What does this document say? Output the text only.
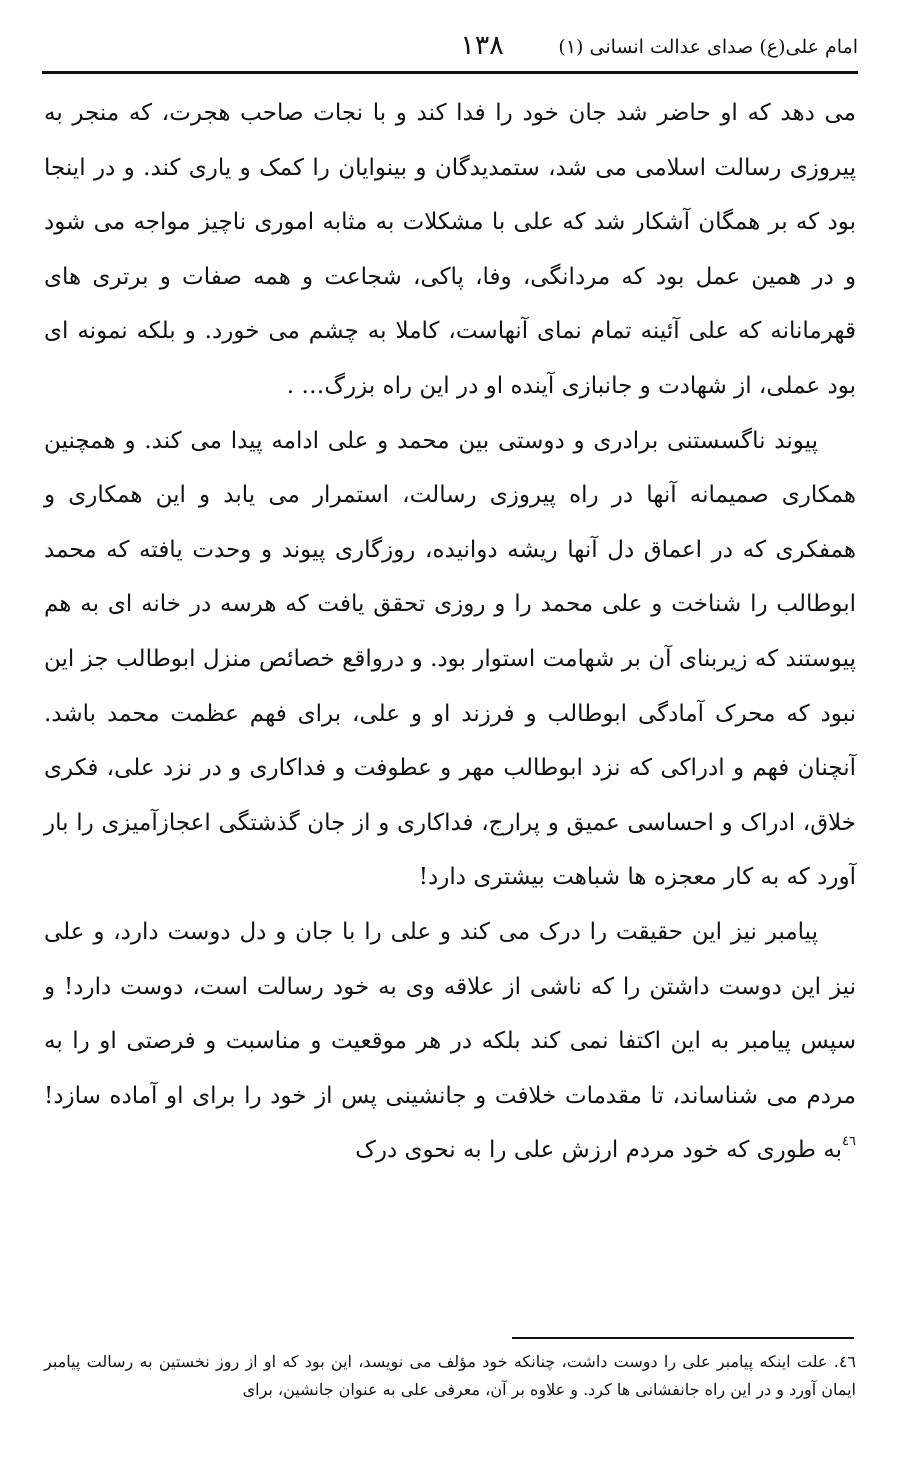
امام علی(ع) صدای عدالت انسانی (۱)
۱۳۸

می دهد که او حاضر شد جان خود را فدا کند و با نجات صاحب هجرت، که منجر به پیروزی رسالت اسلامی می شد، ستمدیدگان و بینوایان را کمک و یاری کند. و در اینجا بود که بر همگان آشکار شد که علی با مشکلات به مثابه اموری ناچیز مواجه می شود و در همین عمل بود که مردانگی، وفا، پاکی، شجاعت و همه صفات و برتری های قهرمانانه که علی آئینه تمام نمای آنهاست، کاملا به چشم می خورد. و بلکه نمونه ای بود عملی، از شهادت و جانبازی آینده او در این راه بزرگ… .

پیوند ناگسستنی برادری و دوستی بین محمد و علی ادامه پیدا می کند. و همچنین همکاری صمیمانه آنها در راه پیروزی رسالت، استمرار می یابد و این همکاری و همفکری که در اعماق دل آنها ریشه دوانیده، روزگاری پیوند و وحدت یافته که محمد ابوطالب را شناخت و علی محمد را و روزی تحقق یافت که هرسه در خانه ای به هم پیوستند که زیربنای آن بر شهامت استوار بود. و درواقع خصائص منزل ابوطالب جز این نبود که محرک آمادگی ابوطالب و فرزند او و علی، برای فهم عظمت محمد باشد. آنچنان فهم و ادراکی که نزد ابوطالب مهر و عطوفت و فداکاری و در نزد علی، فکری خلاق، ادراک و احساسی عمیق و پرارج، فداکاری و از جان گذشتگی اعجازآمیزی را بار آورد که به کار معجزه ها شباهت بیشتری دارد!

پیامبر نیز این حقیقت را درک می کند و علی را با جان و دل دوست دارد، و علی نیز این دوست داشتن را که ناشی از علاقه وی به خود رسالت است، دوست دارد! و سپس پیامبر به این اکتفا نمی کند بلکه در هر موقعیت و مناسبت و فرصتی او را به مردم می شناساند، تا مقدمات خلافت و جانشینی پس از خود را برای او آماده سازد!$^{٤٦}$به طوری که خود مردم ارزش علی را به نحوی درک

٤٦. علت اینکه پیامبر علی را دوست داشت، چنانکه خود مؤلف می نویسد، این بود که او از روز نخستین به رسالت پیامبر ایمان آورد و در این راه جانفشانی ها کرد. و علاوه بر آن، معرفی علی به عنوان جانشین، برای
